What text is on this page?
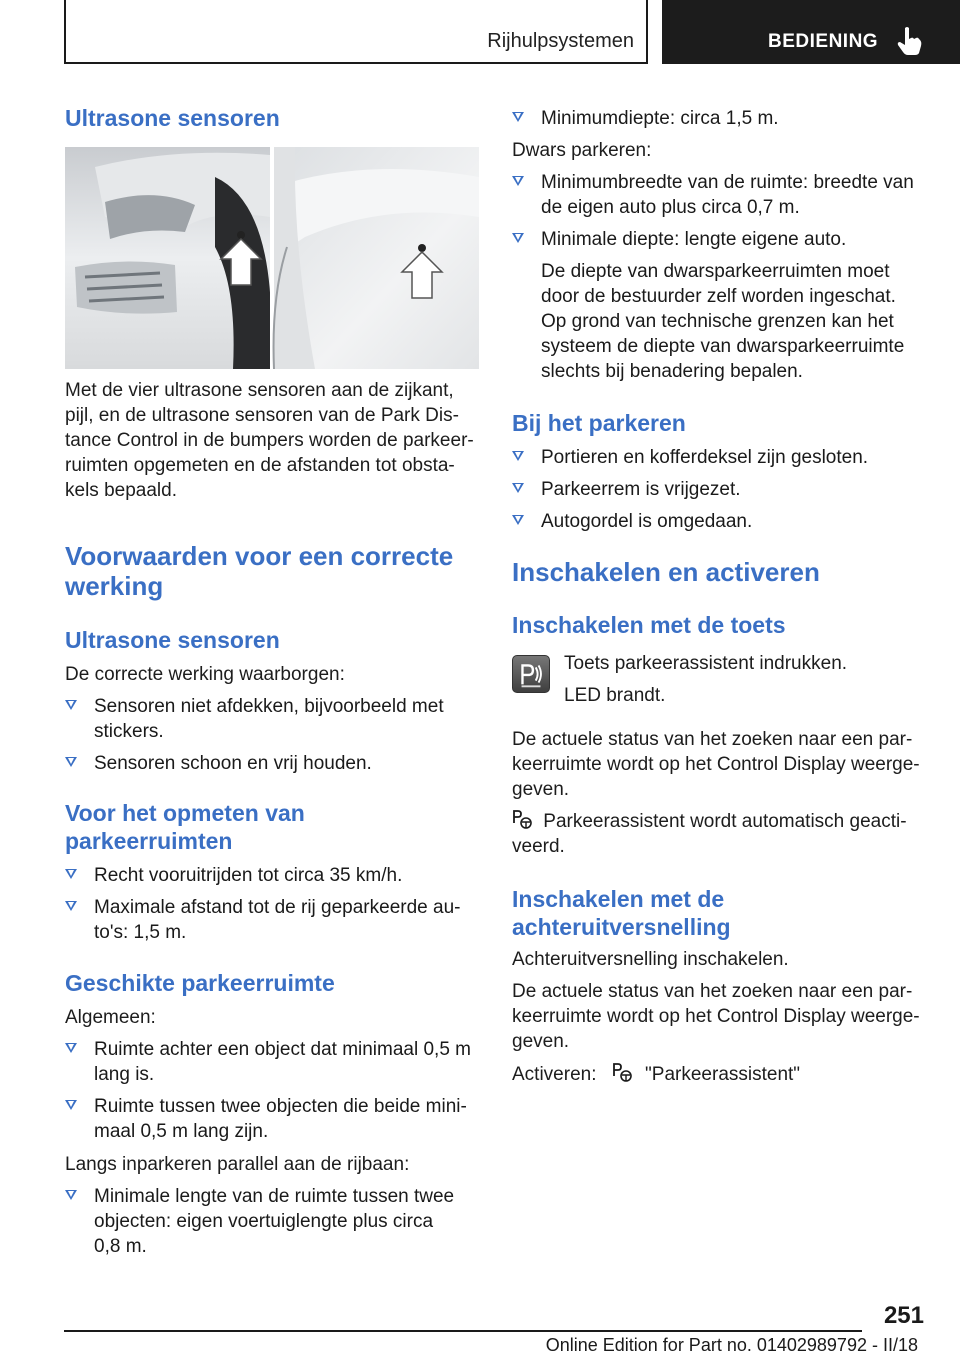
Rijhulpsystemen	BEDIENING
Ultrasone sensoren
Met de vier ultrasone sensoren aan de zijkant,
pijl, en de ultrasone sensoren van de Park Dis-
tance Control in de bumpers worden de parkeer-
ruimten opgemeten en de afstanden tot obsta-
kels bepaald.
Voorwaarden voor een correcte
werking
Ultrasone sensoren
De correcte werking waarborgen:
Sensoren niet afdekken, bijvoorbeeld met
stickers.
Sensoren schoon en vrij houden.
Voor het opmeten van
parkeerruimten
Recht vooruitrijden tot circa 35 km/h.
Maximale afstand tot de rij geparkeerde au-
to's: 1,5 m.
Geschikte parkeerruimte
Algemeen:
Ruimte achter een object dat minimaal 0,5 m
lang is.
Ruimte tussen twee objecten die beide mini-
maal 0,5 m lang zijn.
Langs inparkeren parallel aan de rijbaan:
Minimale lengte van de ruimte tussen twee
objecten: eigen voertuiglengte plus circa
0,8 m.
Minimumdiepte: circa 1,5 m.
Dwars parkeren:
Minimumbreedte van de ruimte: breedte van
de eigen auto plus circa 0,7 m.
Minimale diepte: lengte eigene auto.
De diepte van dwarsparkeerruimten moet
door de bestuurder zelf worden ingeschat.
Op grond van technische grenzen kan het
systeem de diepte van dwarsparkeerruimte
slechts bij benadering bepalen.
Bij het parkeren
Portieren en kofferdeksel zijn gesloten.
Parkeerrem is vrijgezet.
Autogordel is omgedaan.
Inschakelen en activeren
Inschakelen met de toets
Toets parkeerassistent indrukken.
LED brandt.
De actuele status van het zoeken naar een par-
keerruimte wordt op het Control Display weerge-
geven.
Parkeerassistent wordt automatisch geacti-
veerd.
Inschakelen met de
achteruitversnelling
Achteruitversnelling inschakelen.
De actuele status van het zoeken naar een par-
keerruimte wordt op het Control Display weerge-
geven.
Activeren:	"Parkeerassistent"
251
Online Edition for Part no. 01402989792 - II/18
